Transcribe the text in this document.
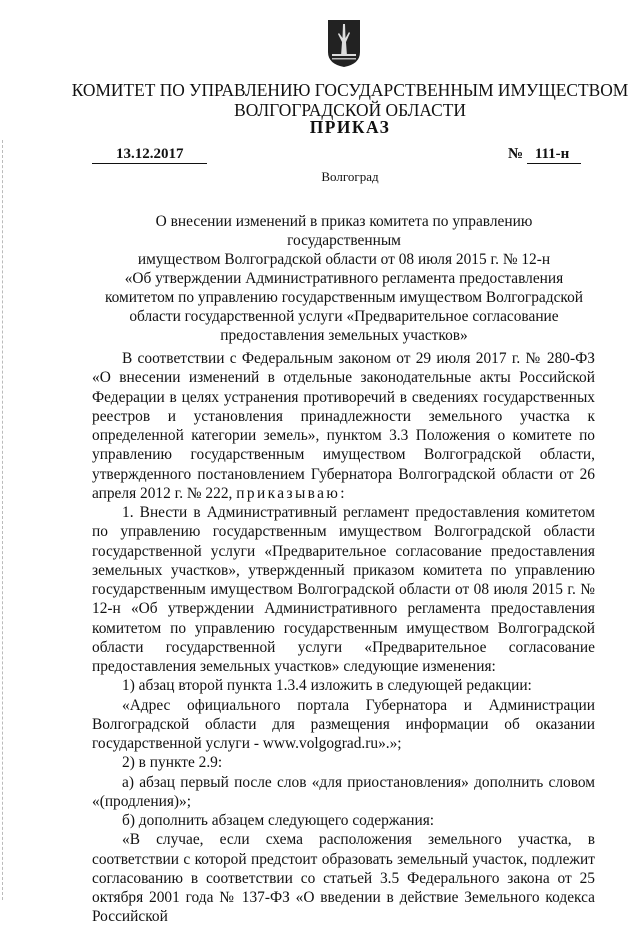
КОМИТЕТ ПО УПРАВЛЕНИЮ ГОСУДАРСТВЕННЫМ ИМУЩЕСТВОМ
ВОЛГОГРАДСКОЙ ОБЛАСТИ
ПРИКАЗ
13.12.2017	№ 111-н
Волгоград
О внесении изменений в приказ комитета по управлению государственным
имуществом Волгоградской области от 08 июля 2015 г. № 12-н
«Об утверждении Административного регламента предоставления
комитетом по управлению государственным имуществом Волгоградской
области государственной услуги «Предварительное согласование
предоставления земельных участков»

В соответствии с Федеральным законом от 29 июля 2017 г. № 280-ФЗ «О внесении изменений в отдельные законодательные акты Российской Федерации в целях устранения противоречий в сведениях государственных реестров и установления принадлежности земельного участка к определенной категории земель», пунктом 3.3 Положения о комитете по управлению государственным имуществом Волгоградской области, утвержденного постановлением Губернатора Волгоградской области от 26 апреля 2012 г. № 222, приказываю:

1. Внести в Административный регламент предоставления комитетом по управлению государственным имуществом Волгоградской области государственной услуги «Предварительное согласование предоставления земельных участков», утвержденный приказом комитета по управлению государственным имуществом Волгоградской области от 08 июля 2015 г. № 12-н «Об утверждении Административного регламента предоставления комитетом по управлению государственным имуществом Волгоградской области государственной услуги «Предварительное согласование предоставления земельных участков» следующие изменения:

1) абзац второй пункта 1.3.4 изложить в следующей редакции:

«Адрес официального портала Губернатора и Администрации Волгоградской области для размещения информации об оказании государственной услуги - www.volgograd.ru».»;

2) в пункте 2.9:

а) абзац первый после слов «для приостановления» дополнить словом «(продления)»;

б) дополнить абзацем следующего содержания:

«В случае, если схема расположения земельного участка, в соответствии с которой предстоит образовать земельный участок, подлежит согласованию в соответствии со статьей 3.5 Федерального закона от 25 октября 2001 года № 137-ФЗ «О введении в действие Земельного кодекса Российской
